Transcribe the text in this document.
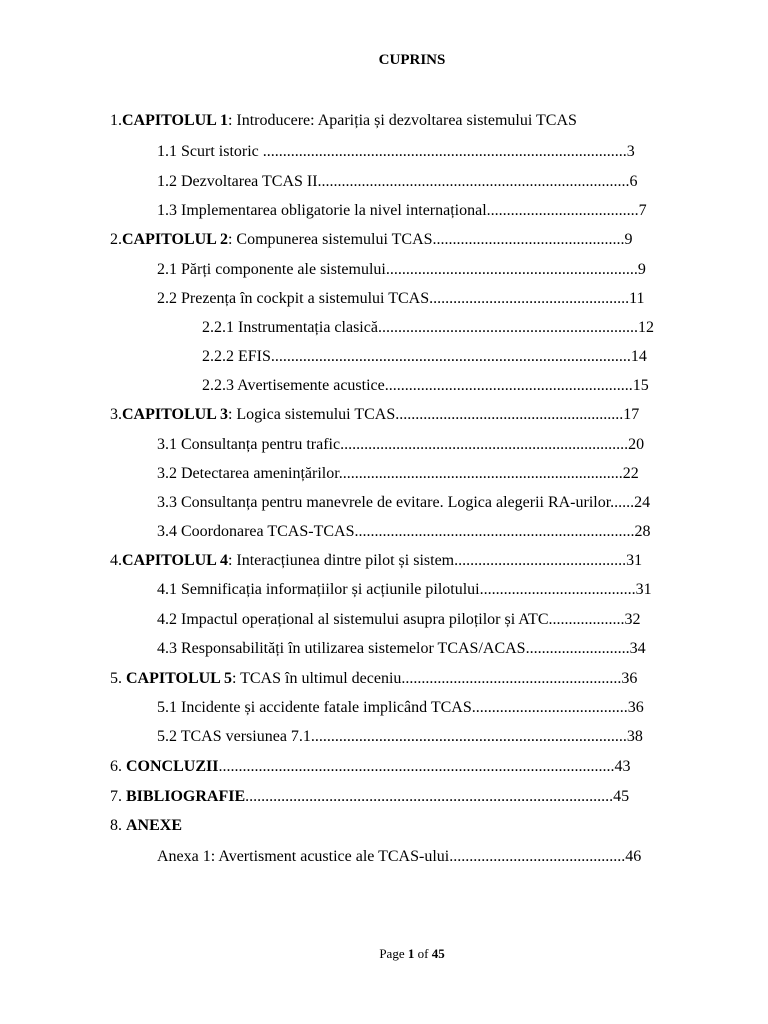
CUPRINS
1.CAPITOLUL 1: Introducere: Apariția și dezvoltarea sistemului TCAS
1.1 Scurt istoric ...........................................................................................3
1.2 Dezvoltarea TCAS II..............................................................................6
1.3 Implementarea obligatorie la nivel internațional......................................7
2.CAPITOLUL 2: Compunerea sistemului TCAS................................................9
2.1 Părți componente ale sistemului...............................................................9
2.2 Prezența în cockpit a sistemului TCAS..................................................11
2.2.1 Instrumentația clasică.................................................................12
2.2.2 EFIS..........................................................................................14
2.2.3 Avertisemente acustice..............................................................15
3.CAPITOLUL 3: Logica sistemului TCAS.........................................................17
3.1 Consultanța pentru trafic........................................................................20
3.2 Detectarea amenințărilor.......................................................................22
3.3 Consultanța pentru manevrele de evitare. Logica alegerii RA-urilor......24
3.4 Coordonarea TCAS-TCAS......................................................................28
4.CAPITOLUL 4: Interacțiunea dintre pilot și sistem...........................................31
4.1 Semnificația informațiilor și acțiunile pilotului.......................................31
4.2 Impactul operațional al sistemului asupra piloților și ATC...................32
4.3 Responsabilități în utilizarea sistemelor TCAS/ACAS..........................34
5. CAPITOLUL 5: TCAS în ultimul deceniu.......................................................36
5.1 Incidente și accidente fatale implicând TCAS.......................................36
5.2 TCAS versiunea 7.1...............................................................................38
6. CONCLUZII...................................................................................................43
7. BIBLIOGRAFIE............................................................................................45
8. ANEXE
Anexa 1: Avertisment acustice ale TCAS-ului............................................46
Page 1 of 45
